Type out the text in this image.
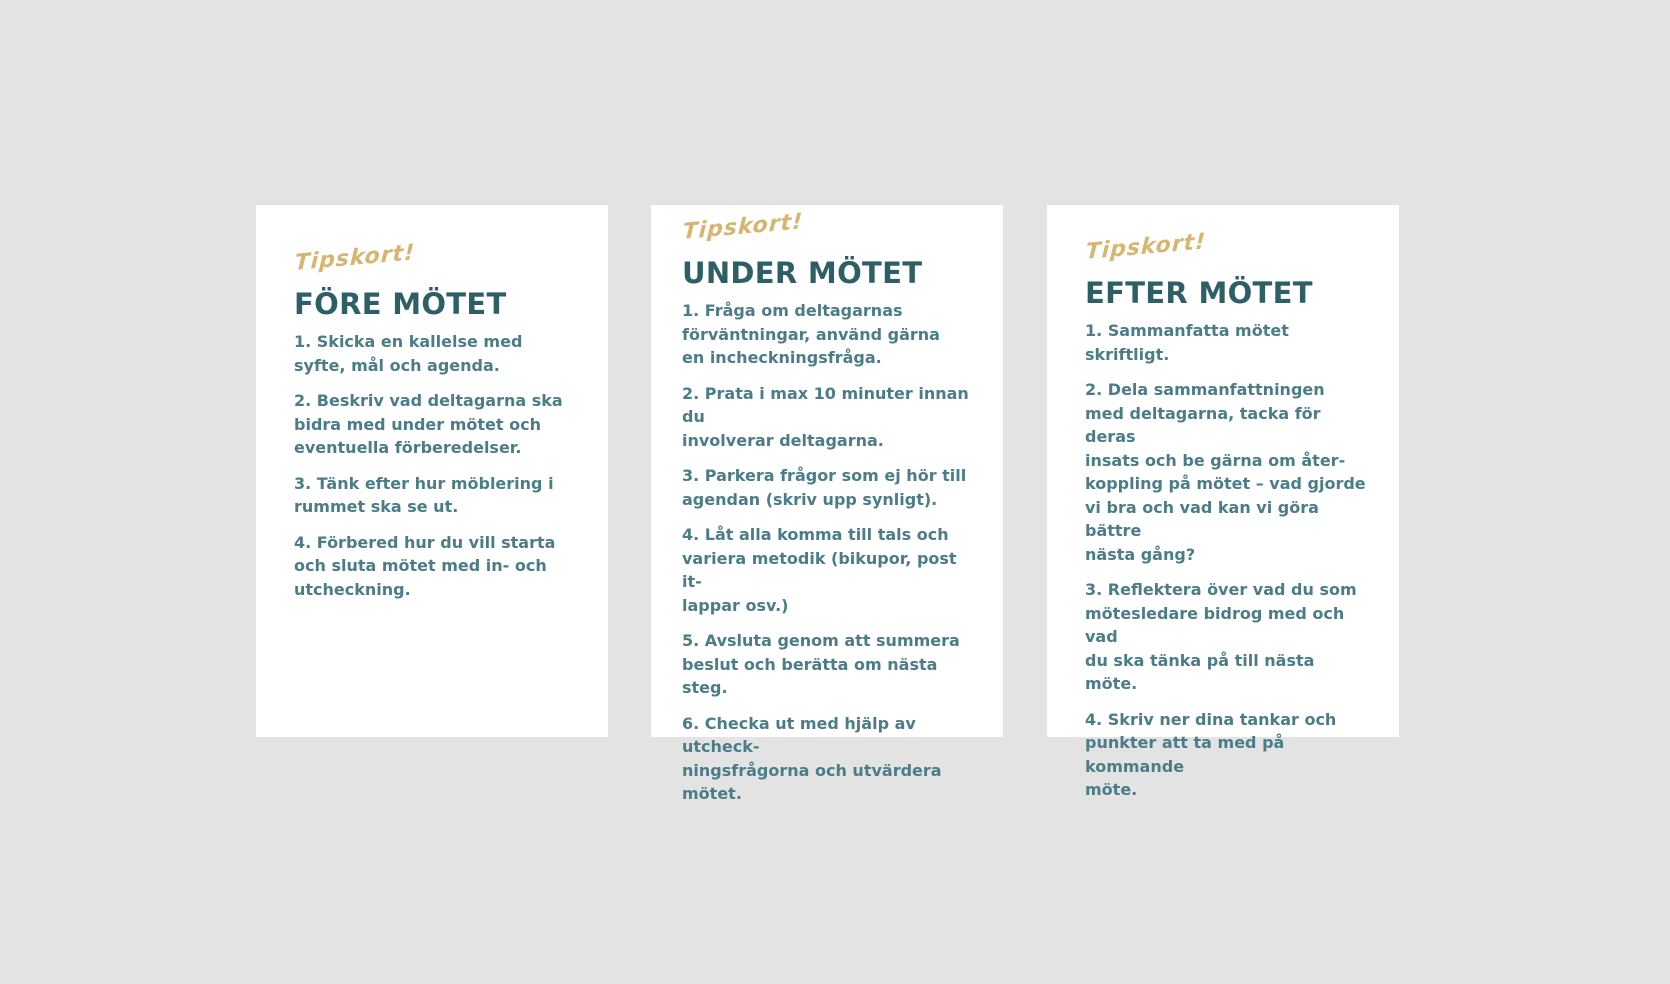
Tipskort!
FÖRE MÖTET
1. Skicka en kallelse med
syfte, mål och agenda.
2. Beskriv vad deltagarna ska
bidra med under mötet och
eventuella förberedelser.
3. Tänk efter hur möblering i
rummet ska se ut.
4. Förbered hur du vill starta
och sluta mötet med in- och
utcheckning.
Tipskort!
UNDER MÖTET
1. Fråga om deltagarnas
förväntningar, använd gärna
en incheckningsfråga.
2. Prata i max 10 minuter innan du
involverar deltagarna.
3. Parkera frågor som ej hör till
agendan (skriv upp synligt).
4. Låt alla komma till tals och
variera metodik (bikupor, post it-
lappar osv.)
5. Avsluta genom att summera
beslut och berätta om nästa steg.
6. Checka ut med hjälp av utcheck-
ningsfrågorna och utvärdera mötet.
Tipskort!
EFTER MÖTET
1. Sammanfatta mötet skriftligt.
2. Dela sammanfattningen
med deltagarna, tacka för deras
insats och be gärna om åter-
koppling på mötet – vad gjorde
vi bra och vad kan vi göra bättre
nästa gång?
3. Reflektera över vad du som
mötesledare bidrog med och vad
du ska tänka på till nästa möte.
4. Skriv ner dina tankar och
punkter att ta med på kommande
möte.
